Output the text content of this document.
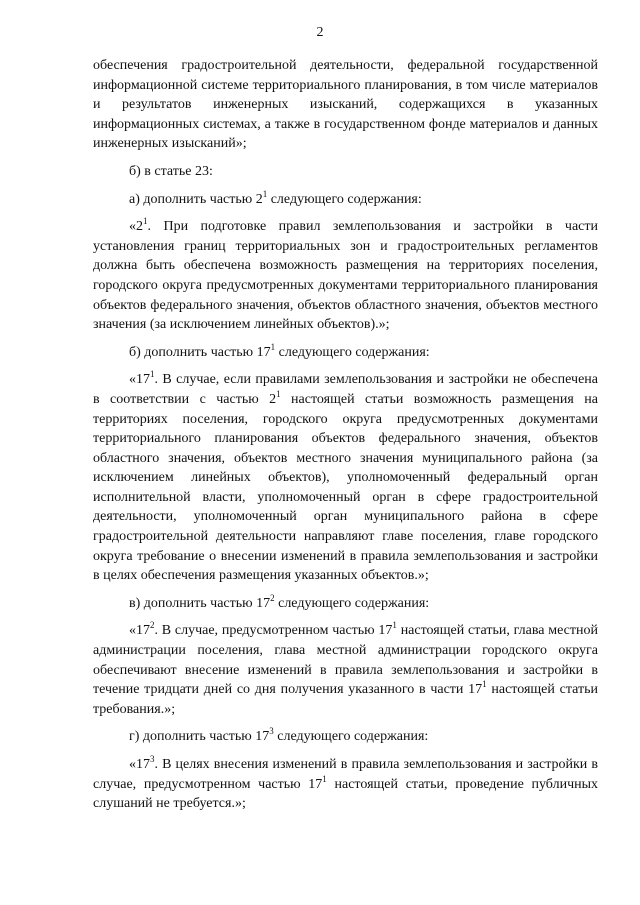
2

обеспечения градостроительной деятельности, федеральной государственной информационной системе территориального планирования, в том числе материалов и результатов инженерных изысканий, содержащихся в указанных информационных системах, а также в государственном фонде материалов и данных инженерных изысканий»;

б) в статье 23:

а) дополнить частью $2^1$ следующего содержания:

«$2^1$. При подготовке правил землепользования и застройки в части установления границ территориальных зон и градостроительных регламентов должна быть обеспечена возможность размещения на территориях поселения, городского округа предусмотренных документами территориального планирования объектов федерального значения, объектов областного значения, объектов местного значения (за исключением линейных объектов).»;

б) дополнить частью $17^1$ следующего содержания:

«$17^1$. В случае, если правилами землепользования и застройки не обеспечена в соответствии с частью $2^1$ настоящей статьи возможность размещения на территориях поселения, городского округа предусмотренных документами территориального планирования объектов федерального значения, объектов областного значения, объектов местного значения муниципального района (за исключением линейных объектов), уполномоченный федеральный орган исполнительной власти, уполномоченный орган в сфере градостроительной деятельности, уполномоченный орган муниципального района в сфере градостроительной деятельности направляют главе поселения, главе городского округа требование о внесении изменений в правила землепользования и застройки в целях обеспечения размещения указанных объектов.»;

в) дополнить частью $17^2$ следующего содержания:

«$17^2$. В случае, предусмотренном частью $17^1$ настоящей статьи, глава местной администрации поселения, глава местной администрации городского округа обеспечивают внесение изменений в правила землепользования и застройки в течение тридцати дней со дня получения указанного в части $17^1$ настоящей статьи требования.»;

г) дополнить частью $17^3$ следующего содержания:

«$17^3$. В целях внесения изменений в правила землепользования и застройки в случае, предусмотренном частью $17^1$ настоящей статьи, проведение публичных слушаний не требуется.»;
